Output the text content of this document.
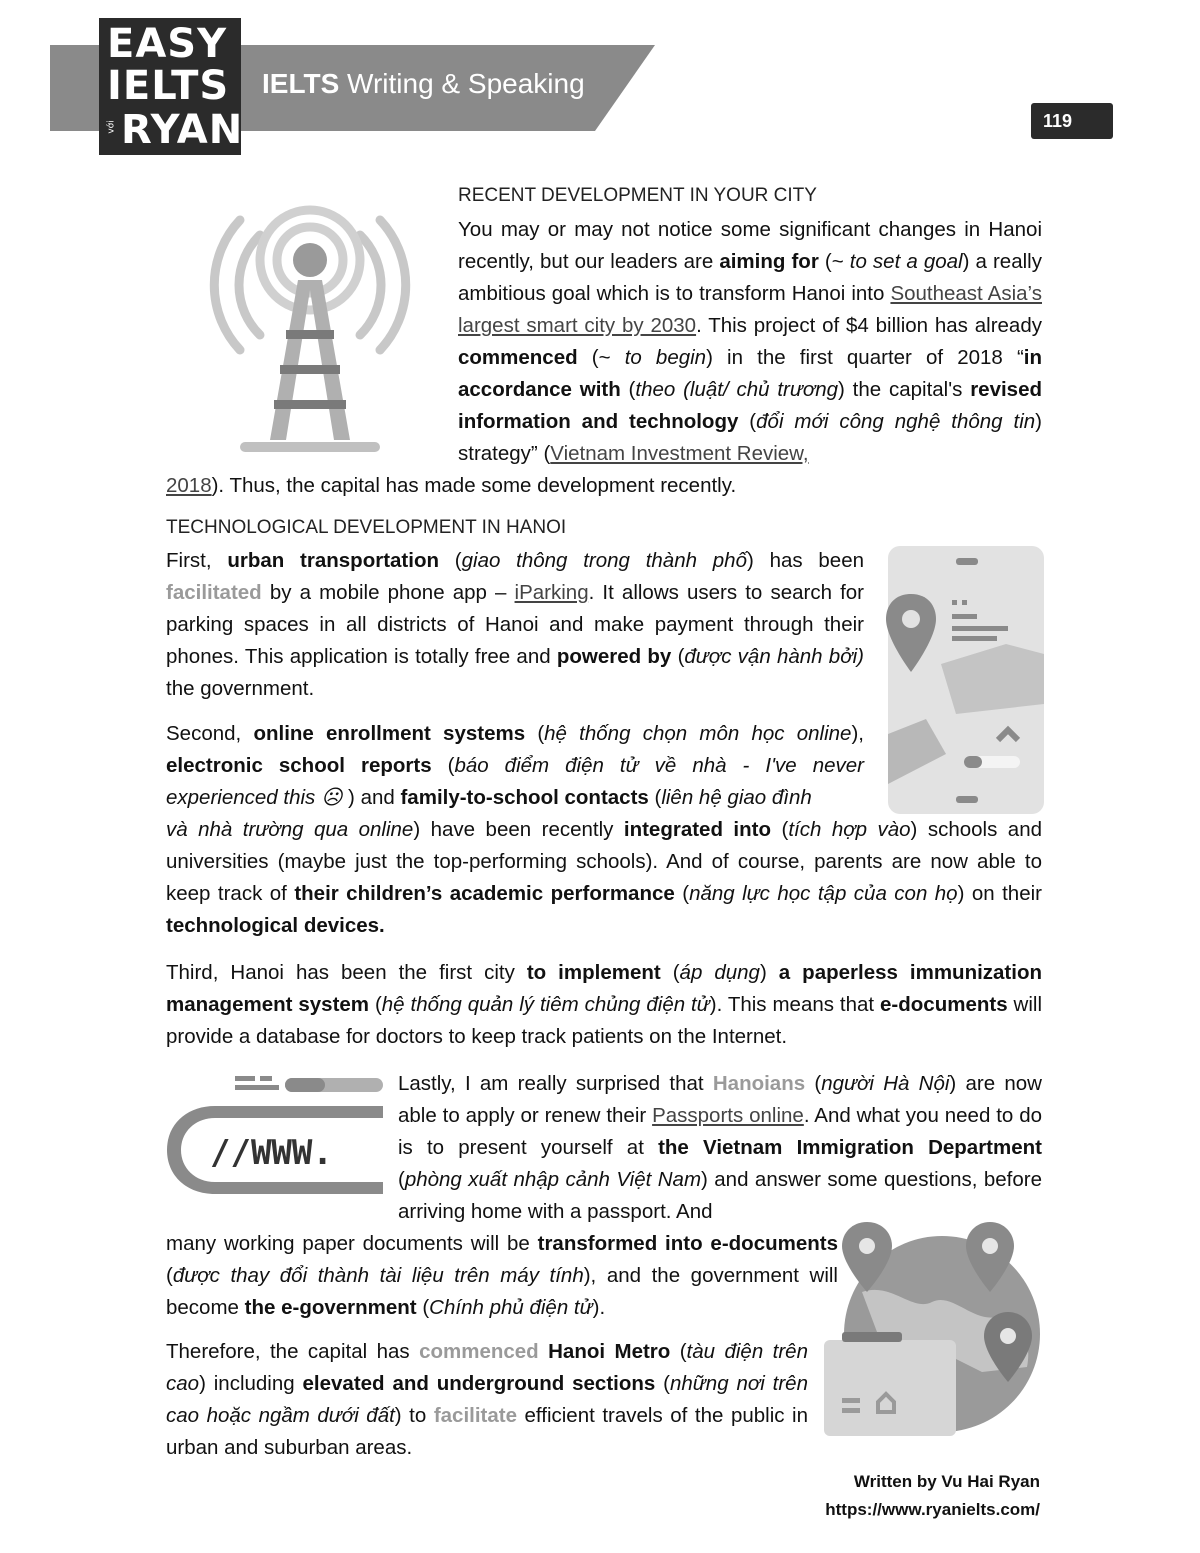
EASY
IELTS
với RYAN
IELTS Writing & Speaking
119
RECENT DEVELOPMENT IN YOUR CITY
You may or may not notice some significant changes in Hanoi recently, but our leaders are aiming for (~ to set a goal) a really ambitious goal which is to transform Hanoi into Southeast Asia’s largest smart city by 2030. This project of $4 billion has already commenced (~ to begin) in the first quarter of 2018 “in accordance with (theo (luật/ chủ trương) the capital's revised information and technology (đổi mới công nghệ thông tin) strategy” (Vietnam Investment Review,
2018). Thus, the capital has made some development recently.
TECHNOLOGICAL DEVELOPMENT IN HANOI
First, urban transportation (giao thông trong thành phố) has been facilitated by a mobile phone app – iParking. It allows users to search for parking spaces in all districts of Hanoi and make payment through their phones. This application is totally free and powered by (được vận hành bởi) the government.
Second, online enrollment systems (hệ thống chọn môn học online), electronic school reports (báo điểm điện tử về nhà - I've never experienced this ☹ ) and family-to-school contacts (liên hệ giao đình
và nhà trường qua online) have been recently integrated into (tích hợp vào) schools and universities (maybe just the top-performing schools). And of course, parents are now able to keep track of their children’s academic performance (năng lực học tập của con họ) on their technological devices.
Third, Hanoi has been the first city to implement (áp dụng) a paperless immunization management system (hệ thống quản lý tiêm chủng điện tử). This means that e-documents will provide a database for doctors to keep track patients on the Internet.
//WWW.
Lastly, I am really surprised that Hanoians (người Hà Nội) are now able to apply or renew their Passports online. And what you need to do is to present yourself at the Vietnam Immigration Department (phòng xuất nhập cảnh Việt Nam) and answer some questions, before arriving home with a passport. And
many working paper documents will be transformed into e-documents (được thay đổi thành tài liệu trên máy tính), and the government will become the e-government (Chính phủ điện tử).
Therefore, the capital has commenced Hanoi Metro (tàu điện trên cao) including elevated and underground sections (những nơi trên cao hoặc ngầm dưới đất) to facilitate efficient travels of the public in urban and suburban areas.
Written by Vu Hai Ryan
https://www.ryanielts.com/
